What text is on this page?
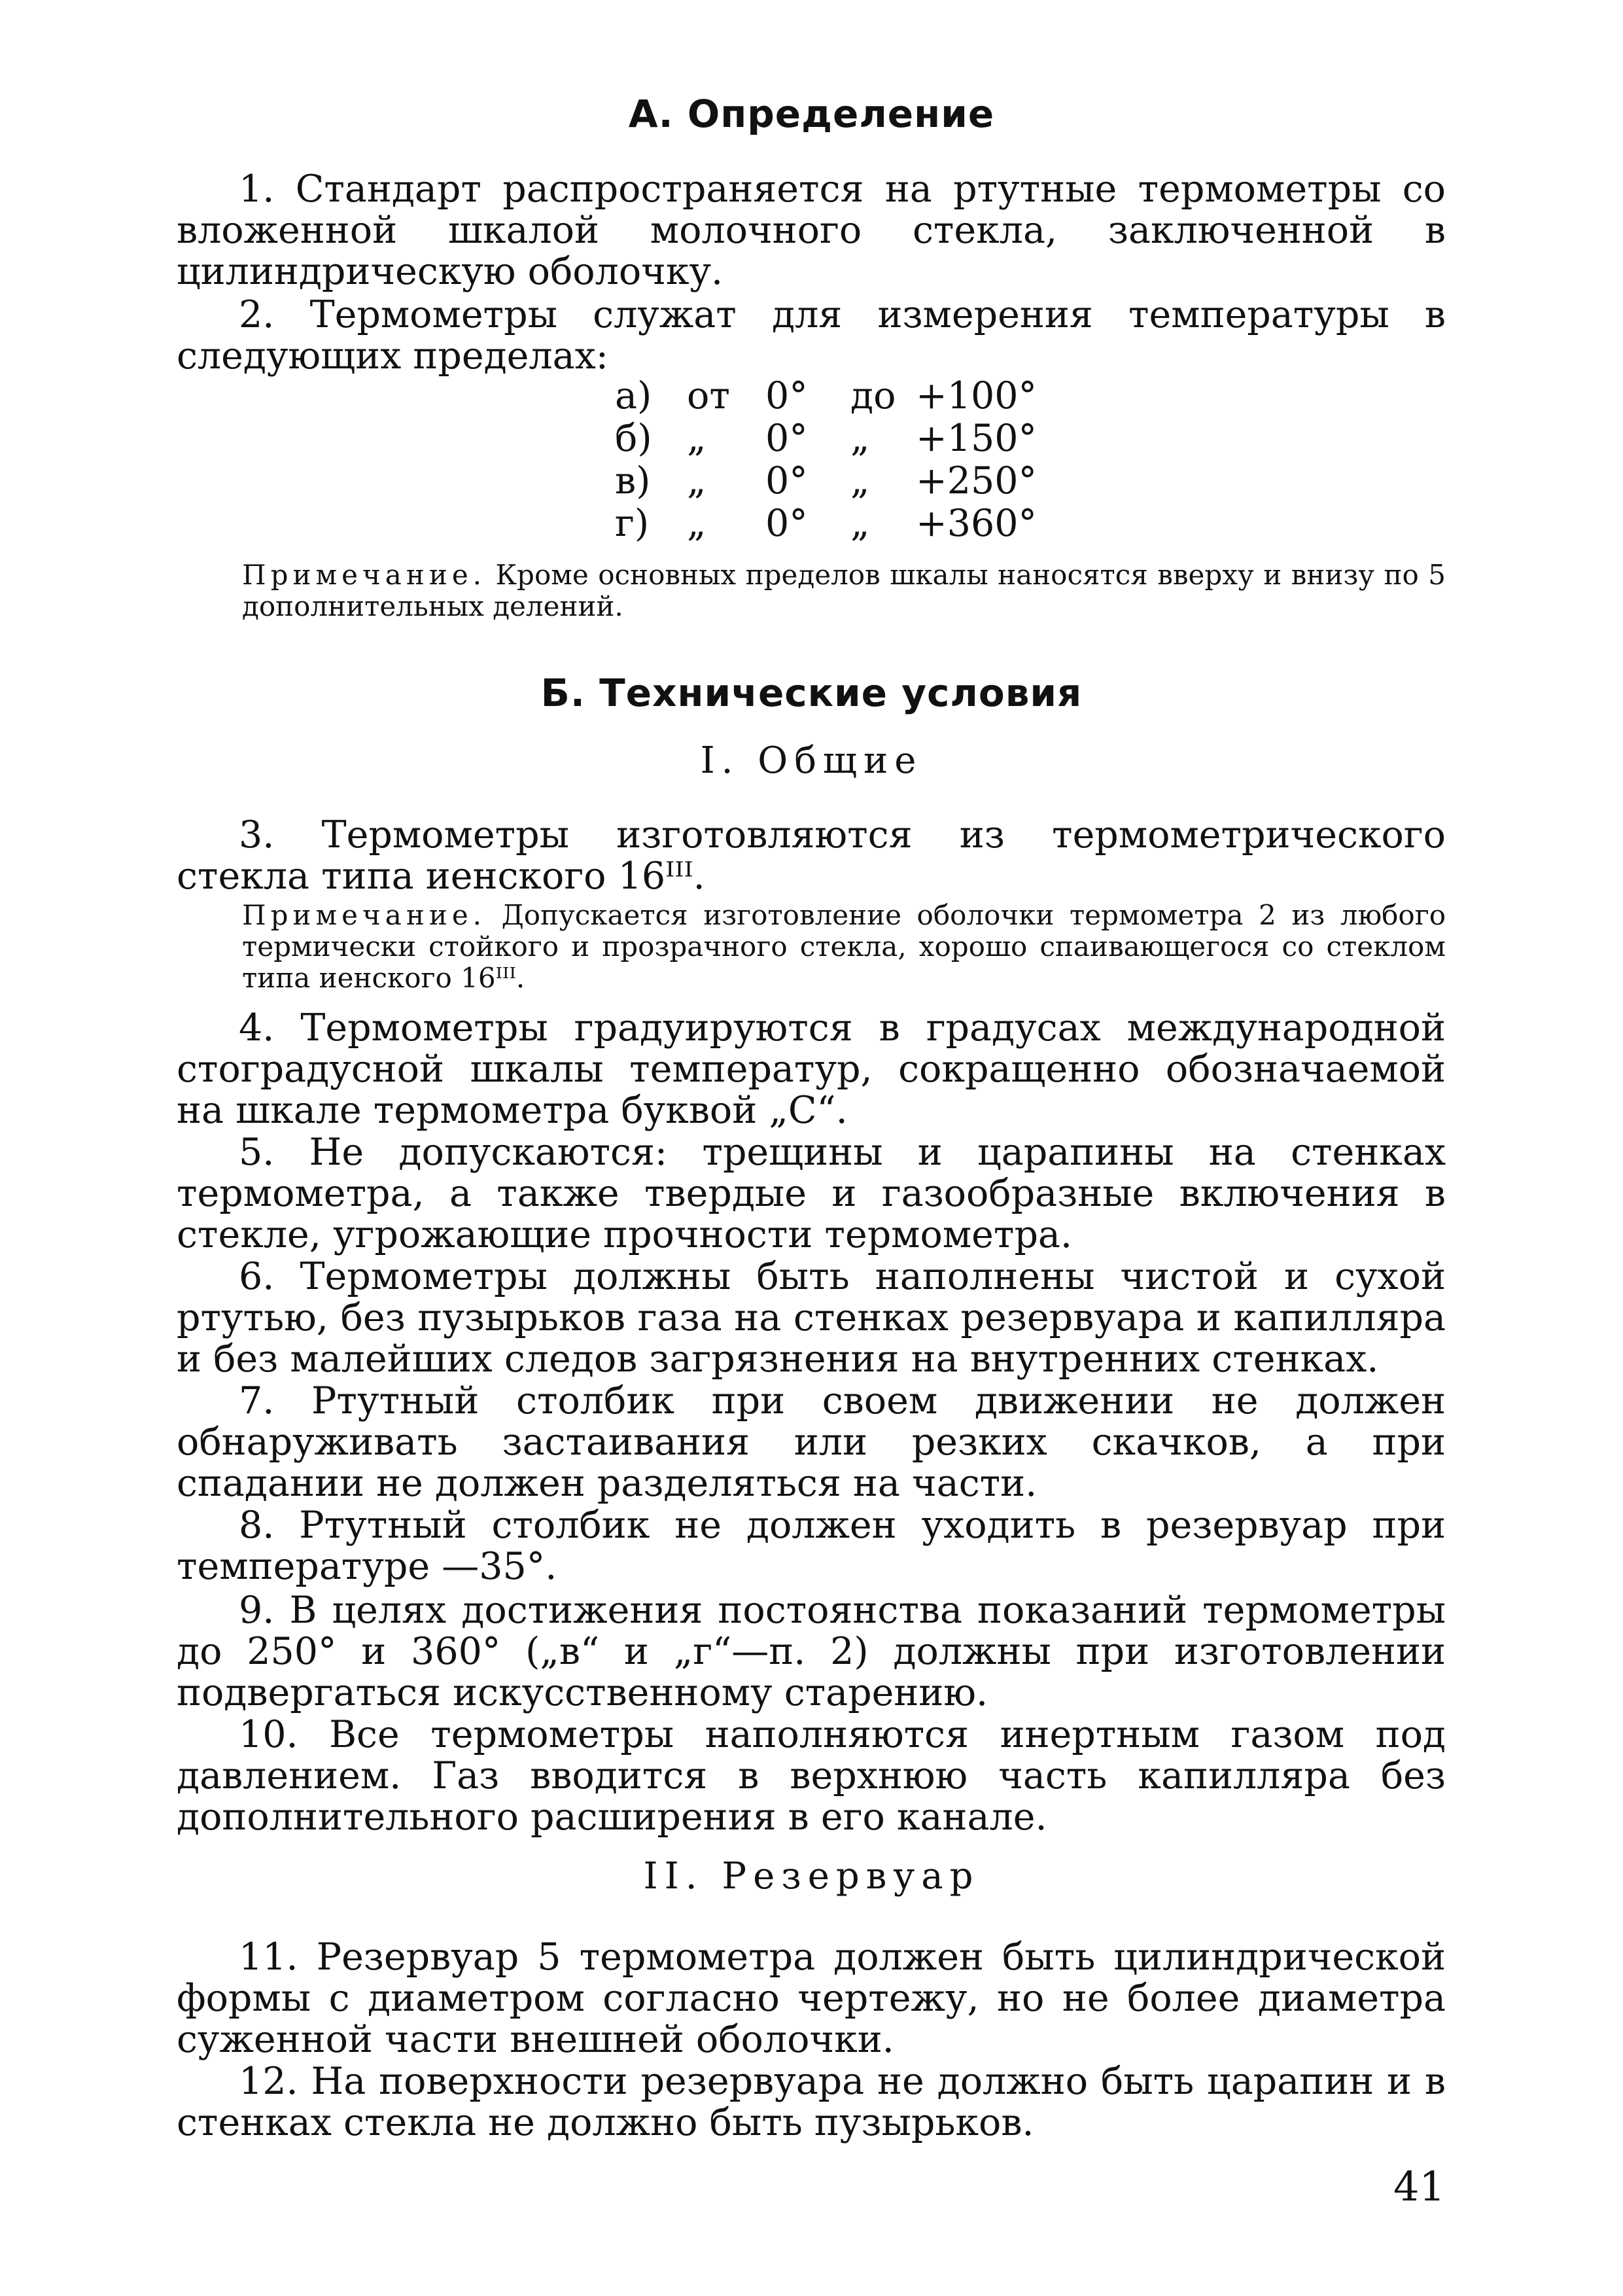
А. Определение
1. Стандарт распространяется на ртутные термометры со вложенной шкалой молочного стекла, заключенной в цилиндрическую оболочку.
2. Термометры служат для измерения температуры в следующих пределах:
а) от 0° до +100°
б) „ 0° „ +150°
в) „ 0° „ +250°
г) „ 0° „ +360°
Примечание. Кроме основных пределов шкалы наносятся вверху и внизу по 5 дополнительных делений.
Б. Технические условия
I. Общие
3. Термометры изготовляются из термометрического стекла типа иенского 16ᴵᴵᴵ.
Примечание. Допускается изготовление оболочки термометра 2 из любого термически стойкого и прозрачного стекла, хорошо спаивающегося со стеклом типа иенского 16ᴵᴵᴵ.
4. Термометры градуируются в градусах международной стоградусной шкалы температур, сокращенно обозначаемой на шкале термометра буквой „С“.
5. Не допускаются: трещины и царапины на стенках термометра, а также твердые и газообразные включения в стекле, угрожающие прочности термометра.
6. Термометры должны быть наполнены чистой и сухой ртутью, без пузырьков газа на стенках резервуара и капилляра и без малейших следов загрязнения на внутренних стенках.
7. Ртутный столбик при своем движении не должен обнаруживать застаивания или резких скачков, а при спадании не должен разделяться на части.
8. Ртутный столбик не должен уходить в резервуар при температуре —35°.
9. В целях достижения постоянства показаний термометры до 250° и 360° („в“ и „г“—п. 2) должны при изготовлении подвергаться искусственному старению.
10. Все термометры наполняются инертным газом под давлением. Газ вводится в верхнюю часть капилляра без дополнительного расширения в его канале.
II. Резервуар
11. Резервуар 5 термометра должен быть цилиндрической формы с диаметром согласно чертежу, но не более диаметра суженной части внешней оболочки.
12. На поверхности резервуара не должно быть царапин и в стенках стекла не должно быть пузырьков.
41
